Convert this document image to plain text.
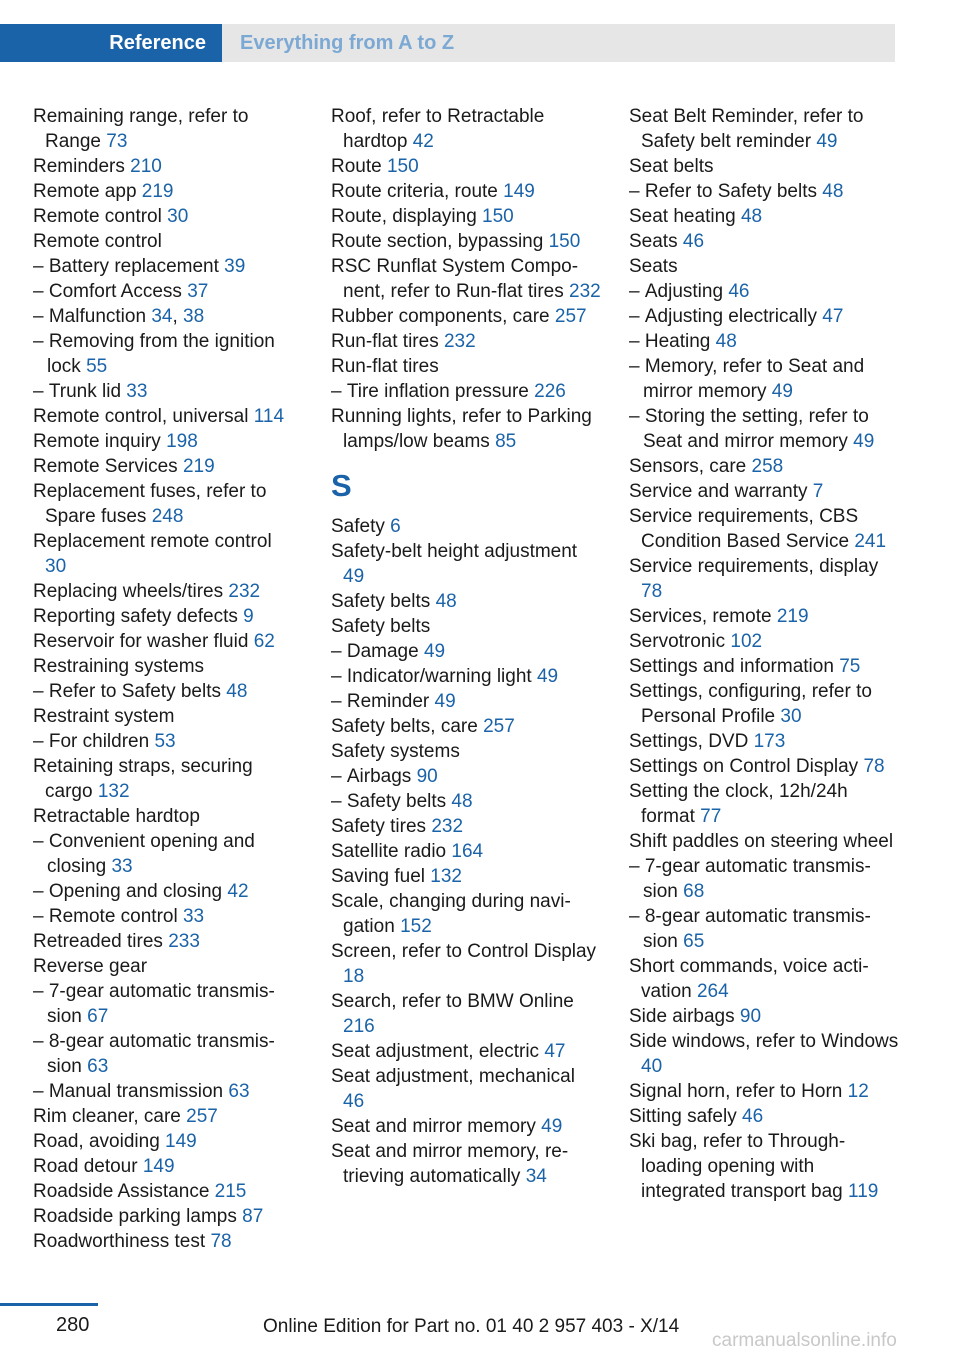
Reference	Everything from A to Z
Remaining range, refer to Range 73
Reminders 210
Remote app 219
Remote control 30
Remote control
– Battery replacement 39
– Comfort Access 37
– Malfunction 34, 38
– Removing from the ignition lock 55
– Trunk lid 33
Remote control, universal 114
Remote inquiry 198
Remote Services 219
Replacement fuses, refer to Spare fuses 248
Replacement remote control 30
Replacing wheels/tires 232
Reporting safety defects 9
Reservoir for washer fluid 62
Restraining systems
– Refer to Safety belts 48
Restraint system
– For children 53
Retaining straps, securing cargo 132
Retractable hardtop
– Convenient opening and closing 33
– Opening and closing 42
– Remote control 33
Retreaded tires 233
Reverse gear
– 7-gear automatic transmission 67
– 8-gear automatic transmission 63
– Manual transmission 63
Rim cleaner, care 257
Road, avoiding 149
Road detour 149
Roadside Assistance 215
Roadside parking lamps 87
Roadworthiness test 78
Roof, refer to Retractable hardtop 42
Route 150
Route criteria, route 149
Route, displaying 150
Route section, bypassing 150
RSC Runflat System Component, refer to Run-flat tires 232
Rubber components, care 257
Run-flat tires 232
Run-flat tires
– Tire inflation pressure 226
Running lights, refer to Parking lamps/low beams 85
S
Safety 6
Safety-belt height adjustment 49
Safety belts 48
Safety belts
– Damage 49
– Indicator/warning light 49
– Reminder 49
Safety belts, care 257
Safety systems
– Airbags 90
– Safety belts 48
Safety tires 232
Satellite radio 164
Saving fuel 132
Scale, changing during navigation 152
Screen, refer to Control Display 18
Search, refer to BMW Online 216
Seat adjustment, electric 47
Seat adjustment, mechanical 46
Seat and mirror memory 49
Seat and mirror memory, retrieving automatically 34
Seat Belt Reminder, refer to Safety belt reminder 49
Seat belts
– Refer to Safety belts 48
Seat heating 48
Seats 46
Seats
– Adjusting 46
– Adjusting electrically 47
– Heating 48
– Memory, refer to Seat and mirror memory 49
– Storing the setting, refer to Seat and mirror memory 49
Sensors, care 258
Service and warranty 7
Service requirements, CBS Condition Based Service 241
Service requirements, display 78
Services, remote 219
Servotronic 102
Settings and information 75
Settings, configuring, refer to Personal Profile 30
Settings, DVD 173
Settings on Control Display 78
Setting the clock, 12h/24h format 77
Shift paddles on steering wheel
– 7-gear automatic transmission 68
– 8-gear automatic transmission 65
Short commands, voice activation 264
Side airbags 90
Side windows, refer to Windows 40
Signal horn, refer to Horn 12
Sitting safely 46
Ski bag, refer to Through-loading opening with integrated transport bag 119
280	Online Edition for Part no. 01 40 2 957 403 - X/14
carmanualsonline.info
